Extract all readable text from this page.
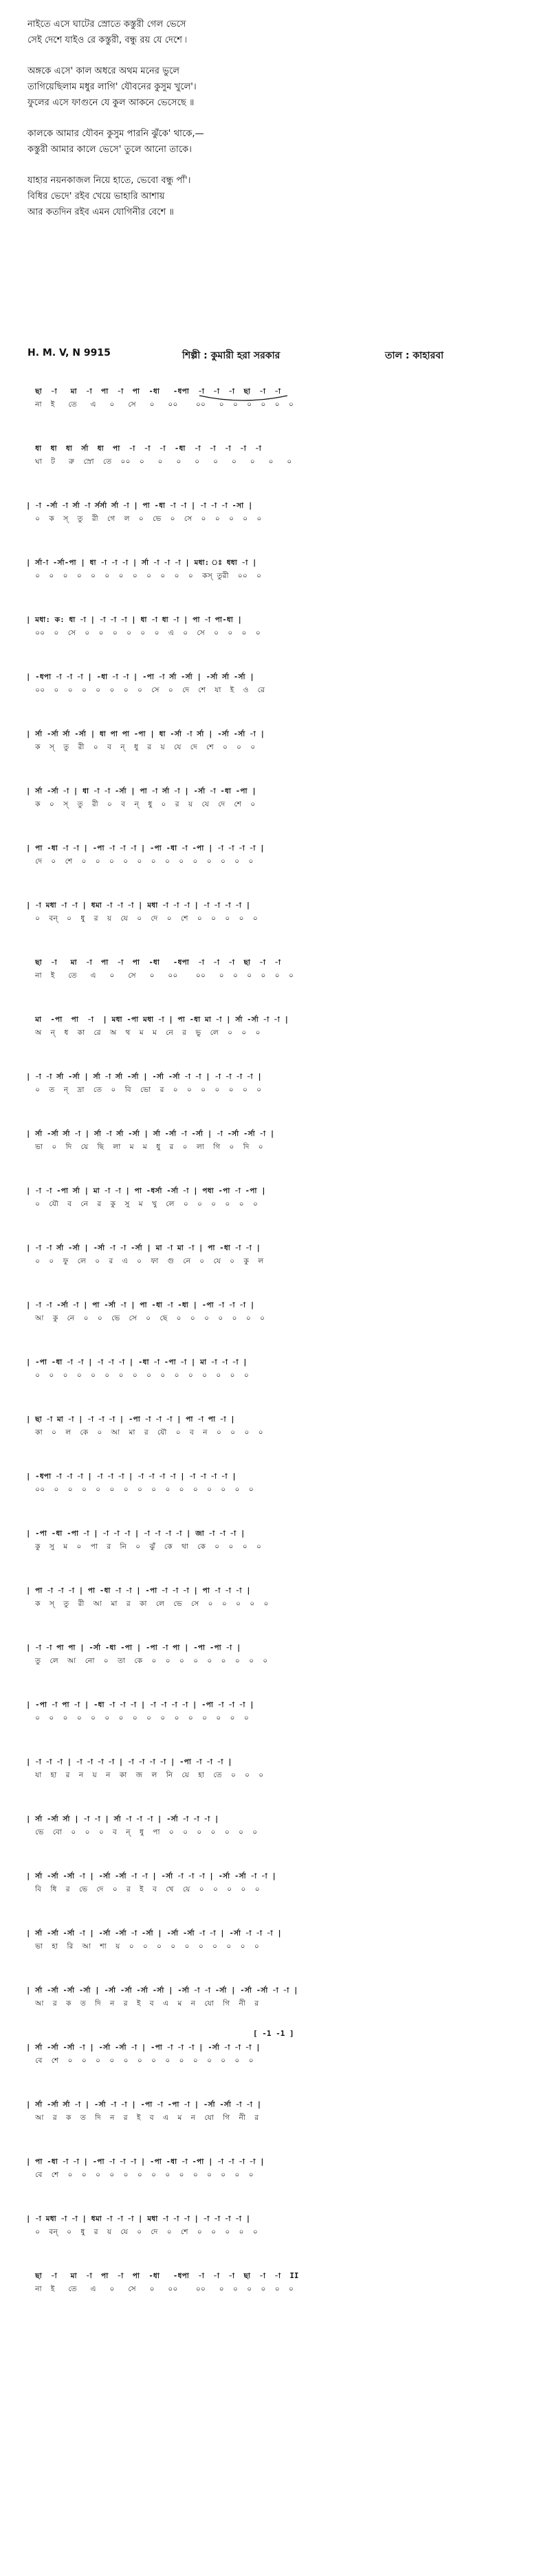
নাইতে এসে ঘাটের স্রোতে কস্তুরী গেল ভেসে
সেই দেশে যাইও রে কস্তুরী, বন্ধু রয় যে দেশে ৷
অঙ্গকে এসে' কাল অধরে অথম মনের ভুলে
তাগিয়েছিলাম মধুর লাগি' যৌবনের কুসুম খুলে'।
ফুলের এসে ফাগুনে যে কুল আকনে ভেসেছে ॥
কালকে আমার যৌবন কুসুম পারনি ঝুঁকে' থাকে,—
কস্তুরী আমার কালে ভেসে' তুলে আনো তাকে।
যাহার নয়নকাজল নিয়ে হাতে, ভেবো বন্ধু পাঁ'।
বিধির ভেদে' রইব খেয়ে ভাহারি আশায়
আর কতদিন রইব এমন যোগিনীর বেশে ॥
H. M. V, N 9915	শিল্পী : কুমারী হরা সরকার	তাল : কাহারবা
ছা  -া   মা  -া  পা  -া  পা  -ধা   -ধপা  -া  -া  -া  ছা  -া  -া
না  ই   তে   এ   ০   সে   ০   ০০    ০০   ০  ০  ০  ০  ০  ০
ধা  ধা  ধা  র্সা  ধা  পা  -া  -া  -া  -ধা  -া  -া  -া  -া  -া
ঘা  ট   রু  স্রো  তে  ০০  ০   ০   ০   ০   ০   ০   ০   ০   ০
| -া -র্সা -া র্সা -া র্সর্সা র্সা -া | পা -ধা -া -া | -া -া -া -সা |
০  ক  স্  তু  রী  গে  ল  ০  ভে  ০  সে  ০  ০  ০  ০  ০
| র্সা-া -র্সা-পা | ধা -া -া -া | র্সা -া -া -া | মধা: ঃ ধধা -া |
০  ০  ০  ০  ০  ০  ০  ০  ০  ০  ০  ০  কস্ তুরী  ০০  ০
| মধা: ক: ধা -া | -া -া -া | ধা -া ধা -া | পা -া পা-ধা |
০০  ০  সে  ০  ০  ০  ০  ০  ০  এ  ০  সে  ০  ০  ০  ০
| -ধপা -া -া -া | -ধা -া -া | -পা -া র্সা -র্সা | -র্সা র্সা -র্সা |
০০  ০  ০  ০  ০  ০  ০  ০  সে  ০  দে  শে  যা  ই  ও  রে
| র্সা -র্সা র্সা -র্সা | ধা পা পা -পা | ধা -র্সা -া র্সা | -র্সা -র্সা -া |
ক  স্  তু  রী  ০  ব  ন্  ধু  র  য়  যে  দে  শে  ০  ০  ০
| র্সা -র্সা -া | ধা -া -া -র্সা | পা -া র্সা -া | -র্সা -া -ধা -পা |
ক  ০  স্  তু  রী  ০  ব  ন্  ধু  ০  র  য়  যে  দে  শে  ০
| পা -ধা -া -া | -পা -া -া -া | -পা -ধা -া -পা | -া -া -া -া |
দে  ০  শে  ০  ০  ০  ০  ০  ০  ০  ০  ০  ০  ০  ০  ০
| -া মধা -া -া | ধমা -া -া -া | মধা -া -া -া | -া -া -া -া |
০  বন্  ০  ধু  র  য়  যে  ০  দে  ০  শে  ০  ০  ০  ০  ০
ছা  -া   মা  -া  পা  -া  পা  -ধা   -ধপা  -া  -া  -া  ছা  -া  -া
না  ই   তে   এ   ০   সে   ০   ০০    ০০   ০  ০  ০  ০  ০  ০
মা  -পা  পা  -া  | মধা -পা মধা -া | পা -ধা মা -া | র্সা -র্সা -া -া |
অ  ন্  ধ  কা  রে  অ  থ  ম  ম  নে  র  ভু  লে  ০  ০  ০
| -া -া র্সা -র্সা | র্সা -া র্সা -র্সা | -র্সা -র্সা -া -া | -া -া -া -া |
০  ত  ন্  দ্রা  তে  ০  বি  ভো  র  ০  ০  ০  ০  ০  ০  ০
| র্সা -র্সা র্সা -া | র্সা -া র্সা -র্সা | র্সা -র্সা -া -র্সা | -া -র্সা -র্সা -া |
ভা  ০  দি  য়ে  ছি  লা  ম  ম  ধু  র  ০  লা  গি  ০  দি  ০
| -া -া -পা র্সা | মা -া -া | পা -ধর্সা -র্সা -া | পধা -পা -া -পা |
০  যৌ  ব  নে  র  কু  সু  ম  খু  লে  ০  ০  ০  ০  ০  ০
| -া -া র্সা -র্সা | -র্সা -া -া -র্সা | মা -া মা -া | পা -ধা -া -া |
০  ০  ফু  লে  ০  র  এ  ০  ফা  গু  নে  ০  যে  ০  কু  ল
| -া -া -র্সা -া | পা -র্সা -া | পা -ধা -া -ধা | -পা -া -া -া |
আ  কু  নে  ০  ০  ভে  সে  ০  ছে  ০  ০  ০  ০  ০  ০  ০
| -পা -ধা -া -া | -া -া -া | -ধা -া -পা -া | মা -া -া -া |
০  ০  ০  ০  ০  ০  ০  ০  ০  ০  ০  ০  ০  ০  ০  ০
| ছা -া মা -া | -া -া -া | -পা -া -া -া | পা -া পা -া |
কা  ০  ল  কে  ০  আ  মা  র  যৌ  ০  ব  ন  ০  ০  ০  ০
| -ধপা -া -া -া | -া -া -া | -া -া -া -া | -া -া -া -া |
০০  ০  ০  ০  ০  ০  ০  ০  ০  ০  ০  ০  ০  ০  ০  ০
| -পা -ধা -পা -া | -া -া -া | -া -া -া -া | জা -া -া -া |
কু  সু  ম  ০  পা  র  নি  ০  ঝুঁ  কে  থা  কে  ০  ০  ০  ০
| পা -া -া -া | পা -ধা -া -া | -পা -া -া -া | পা -া -া -া |
ক  স্  তু  রী  আ  মা  র  কা  লে  ভে  সে  ০  ০  ০  ০  ০
| -া -া পা পা | -র্সা -ধা -পা | -পা -া পা | -পা -পা -া |
তু  লে  আ  নো  ০  তা  কে  ০  ০  ০  ০  ০  ০  ০  ০  ০
| -পা -া পা -া | -ধা -া -া -া | -া -া -া -া | -পা -া -া -া |
০  ০  ০  ০  ০  ০  ০  ০  ০  ০  ০  ০  ০  ০  ০  ০
| -া -া -া | -া -া -া -া | -া -া -া -া | -পা -া -া -া |
যা  হা  র  ন  য়  ন  কা  জ  ল  নি  য়ে  হা  তে  ০  ০  ০
| র্সা -র্সা র্সা | -া -া | র্সা -া -া -া | -র্সা -া -া -া |
ভে  বো  ০  ০  ০  ব  ন্  ধু  পা  ০  ০  ০  ০  ০  ০  ০
| র্সা -র্সা -র্সা -া | -র্সা -র্সা -া -া | -র্সা -া -া -া | -র্সা -র্সা -া -া |
বি  ধি  র  ভে  দে  ০  র  ই  ব  খে  য়ে  ০  ০  ০  ০  ০
| র্সা -র্সা -র্সা -া | -র্সা -র্সা -া -র্সা | -র্সা -র্সা -া -া | -র্সা -া -া -া |
ভা  হা  রি  আ  শা  য়  ০  ০  ০  ০  ০  ০  ০  ০  ০  ০
| র্সা -র্সা -র্সা -র্সা | -র্সা -র্সা -র্সা -র্সা | -র্সা -া -া -র্সা | -র্সা -র্সা -া -া |
আ  র  ক  ত  দি  ন  র  ই  ব  এ  ম  ন  যো  গি  নী  র
[ -1 -1 ]
| র্সা -র্সা -র্সা -া | -র্সা -র্সা -া | -পা -া -া -া | -র্সা -া -া -া |
বে  শে  ০  ০  ০  ০  ০  ০  ০  ০  ০  ০  ০  ০  ০  ০
| র্সা -র্সা র্সা -া | -র্সা -া -া | -পা -া -পা -া | -র্সা -র্সা -া -া |
আ  র  ক  ত  দি  ন  র  ই  ব  এ  ম  ন  যো  গি  নী  র
| পা -ধা -া -া | -পা -া -া -া | -পা -ধা -া -পা | -া -া -া -া |
বে  শে  ০  ০  ০  ০  ০  ০  ০  ০  ০  ০  ০  ০  ০  ০
| -া মধা -া -া | ধমা -া -া -া | মধা -া -া -া | -া -া -া -া |
০  বন্  ০  ধু  র  য়  যে  ০  দে  ০  শে  ০  ০  ০  ০  ০
ছা  -া   মা  -া  পা  -া  পা  -ধা   -ধপা  -া  -া  -া  ছা  -া  -া  II
না  ই   তে   এ   ০   সে   ০   ০০    ০০   ০  ০  ০  ০  ০  ০
